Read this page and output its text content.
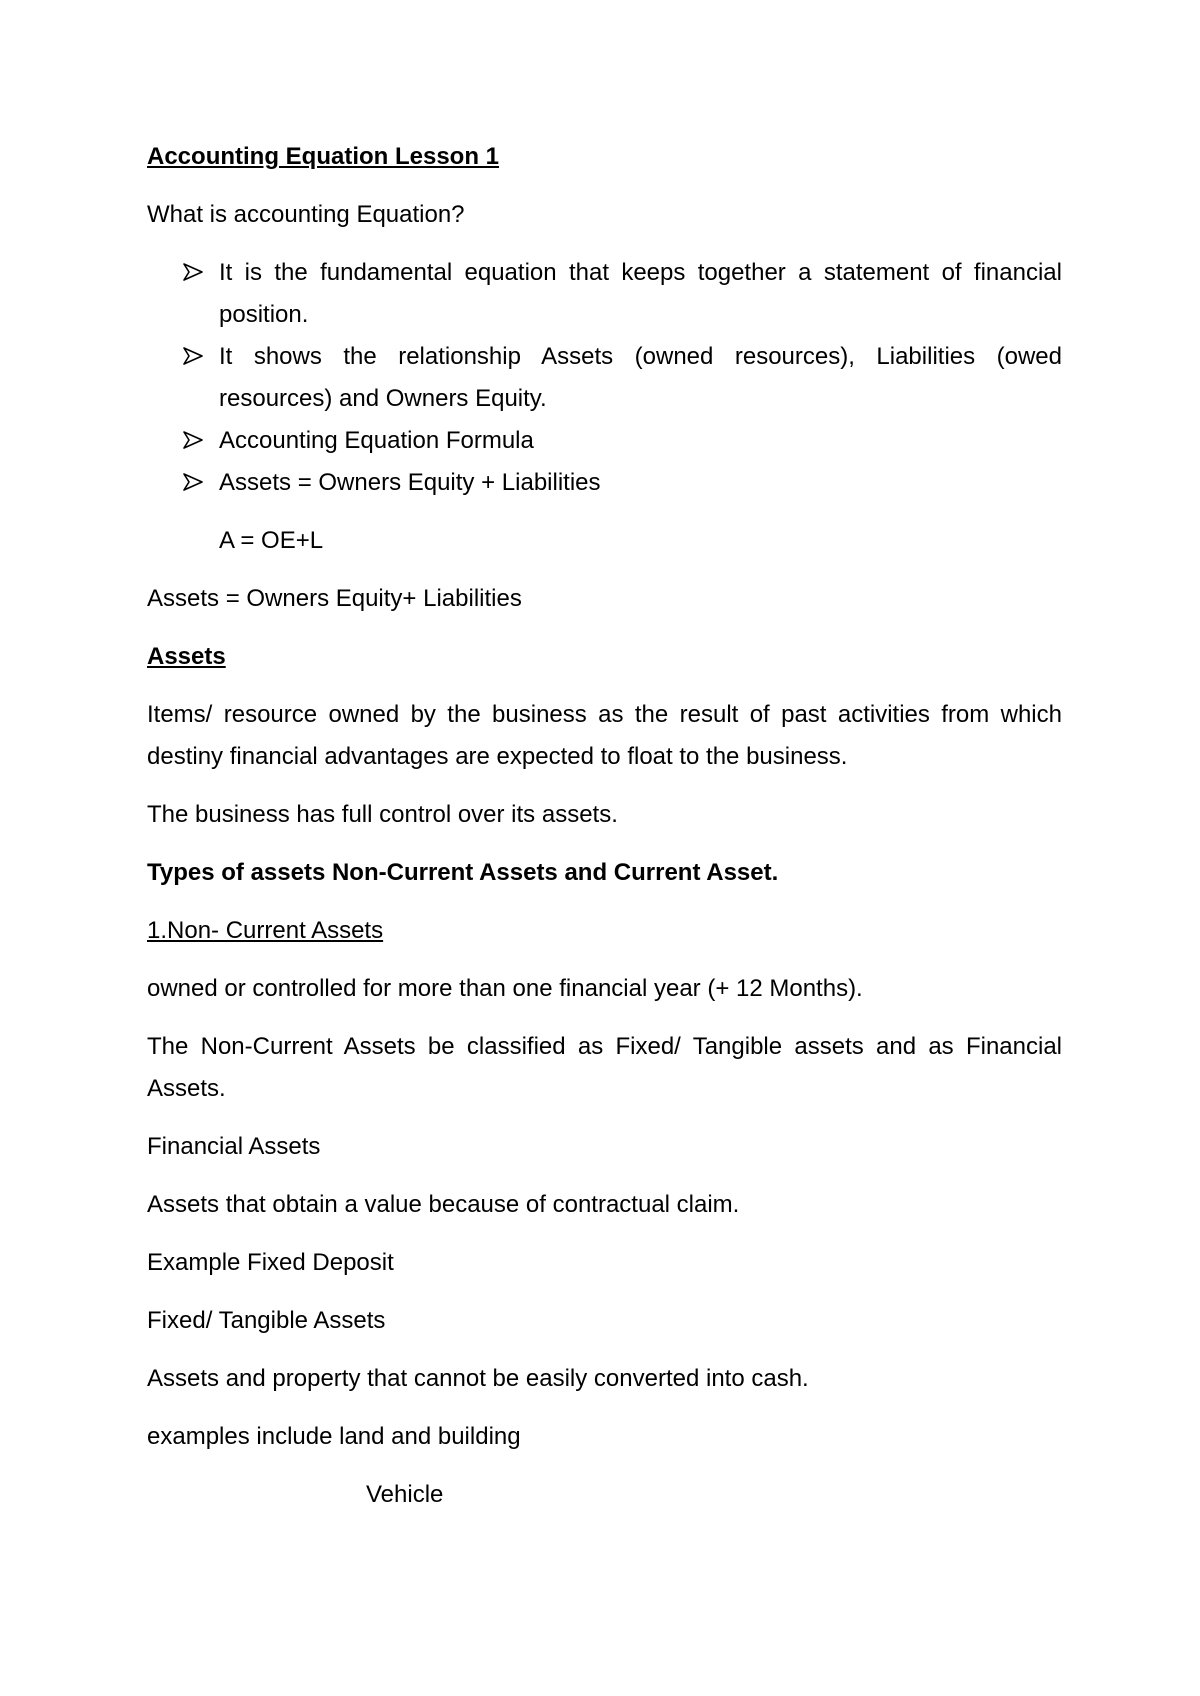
Accounting Equation Lesson 1

What is accounting Equation?

It is the fundamental equation that keeps together a statement of financial position.
It shows the relationship Assets (owned resources), Liabilities (owed resources) and Owners Equity.
Accounting Equation Formula
Assets = Owners Equity + Liabilities

A = OE+L

Assets = Owners Equity+ Liabilities

Assets

Items/ resource owned by the business as the result of past activities from which destiny financial advantages are expected to float to the business.

The business has full control over its assets.

Types of assets Non-Current Assets and Current Asset.

1.Non- Current Assets

owned or controlled for more than one financial year (+ 12 Months).

The Non-Current Assets be classified as Fixed/ Tangible assets and as Financial Assets.

Financial Assets

Assets that obtain a value because of contractual claim.

Example Fixed Deposit

Fixed/ Tangible Assets

Assets and property that cannot be easily converted into cash.

examples include land and building

Vehicle
